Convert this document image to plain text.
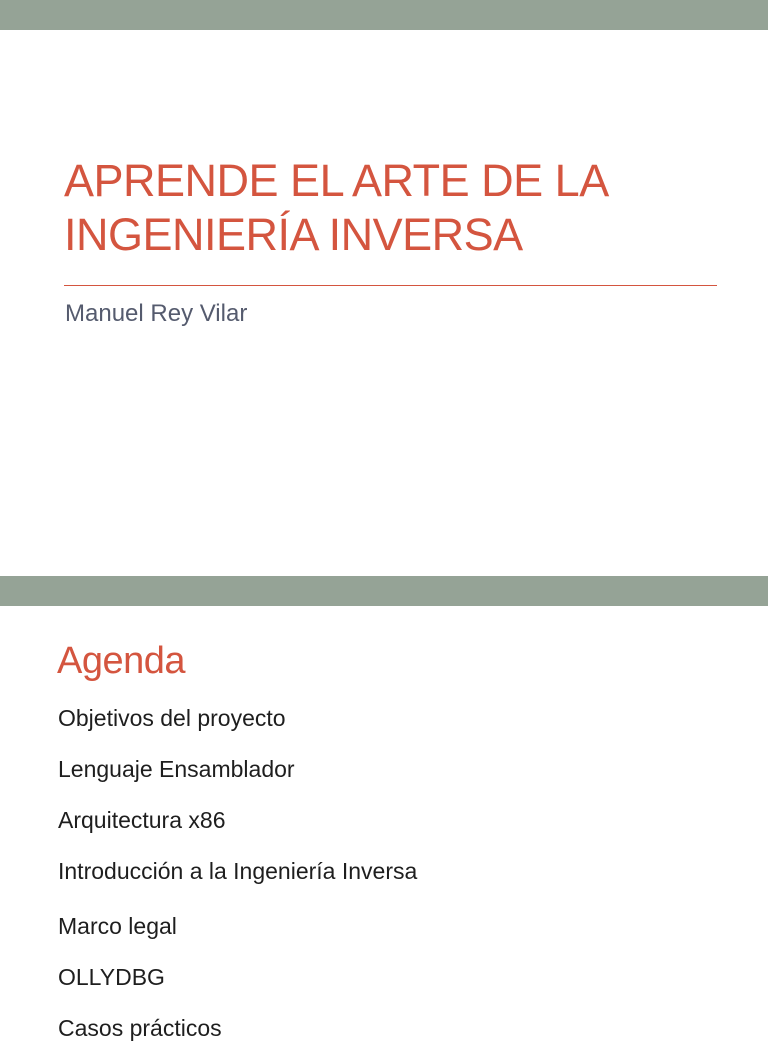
APRENDE EL ARTE DE LA
INGENIERÍA INVERSA
Manuel Rey Vilar
Agenda
Objetivos del proyecto
Lenguaje Ensamblador
Arquitectura x86
Introducción a la Ingeniería Inversa
Marco legal
OLLYDBG
Casos prácticos
